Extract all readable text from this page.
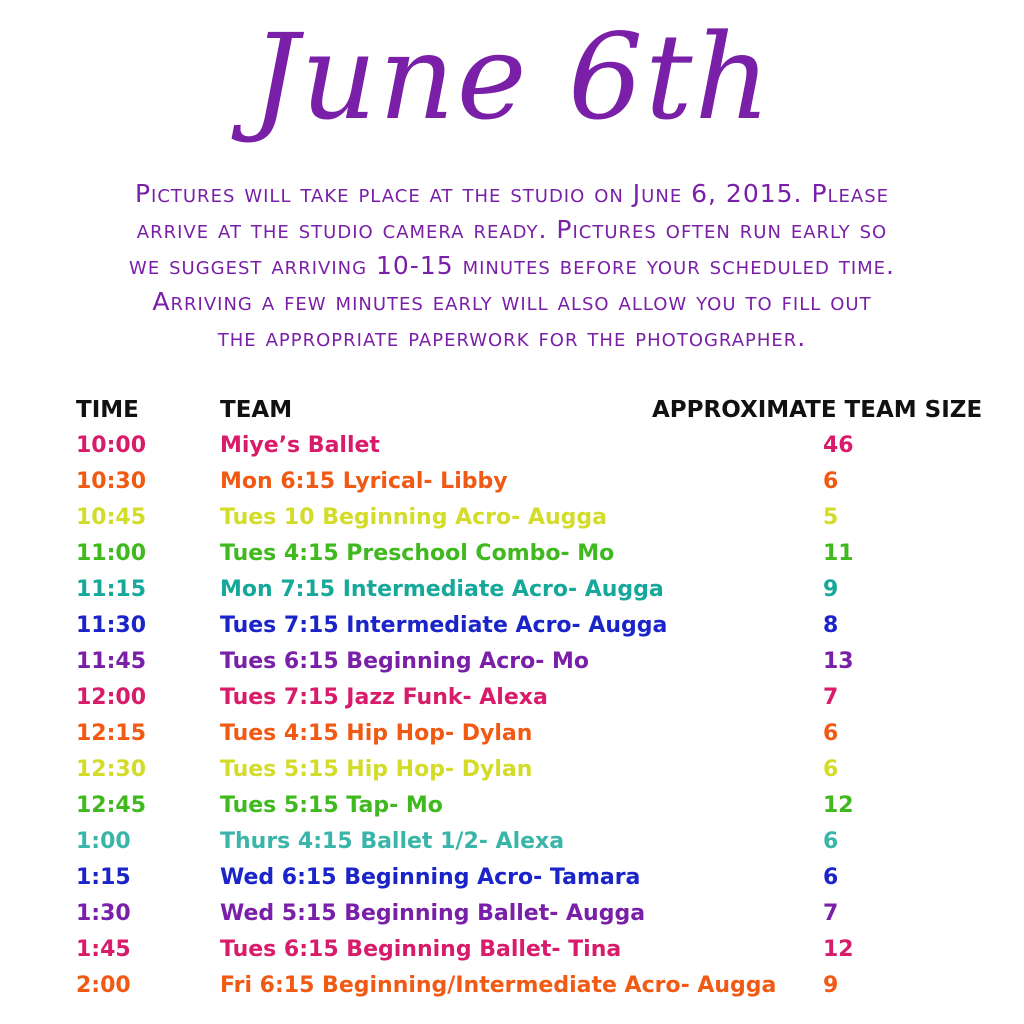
June 6th

Pictures will take place at the studio on June 6, 2015. Please

arrive at the studio camera ready. Pictures often run early so

we suggest arriving 10-15 minutes before your scheduled time.

Arriving a few minutes early will also allow you to fill out

the appropriate paperwork for the photographer.

TIME	TEAM	APPROXIMATE TEAM SIZE
10:00	Miye’s Ballet	46
10:30	Mon 6:15 Lyrical- Libby	6
10:45	Tues 10 Beginning Acro- Augga	5
11:00	Tues 4:15 Preschool Combo- Mo	11
11:15	Mon 7:15 Intermediate Acro- Augga	9
11:30	Tues 7:15 Intermediate Acro- Augga	8
11:45	Tues 6:15 Beginning Acro- Mo	13
12:00	Tues 7:15 Jazz Funk- Alexa	7
12:15	Tues 4:15 Hip Hop- Dylan	6
12:30	Tues 5:15 Hip Hop- Dylan	6
12:45	Tues 5:15 Tap- Mo	12
1:00	Thurs 4:15 Ballet 1/2- Alexa	6
1:15	Wed 6:15 Beginning Acro- Tamara	6
1:30	Wed 5:15 Beginning Ballet- Augga	7
1:45	Tues 6:15 Beginning Ballet- Tina	12
2:00	Fri 6:15 Beginning/Intermediate Acro- Augga 9
